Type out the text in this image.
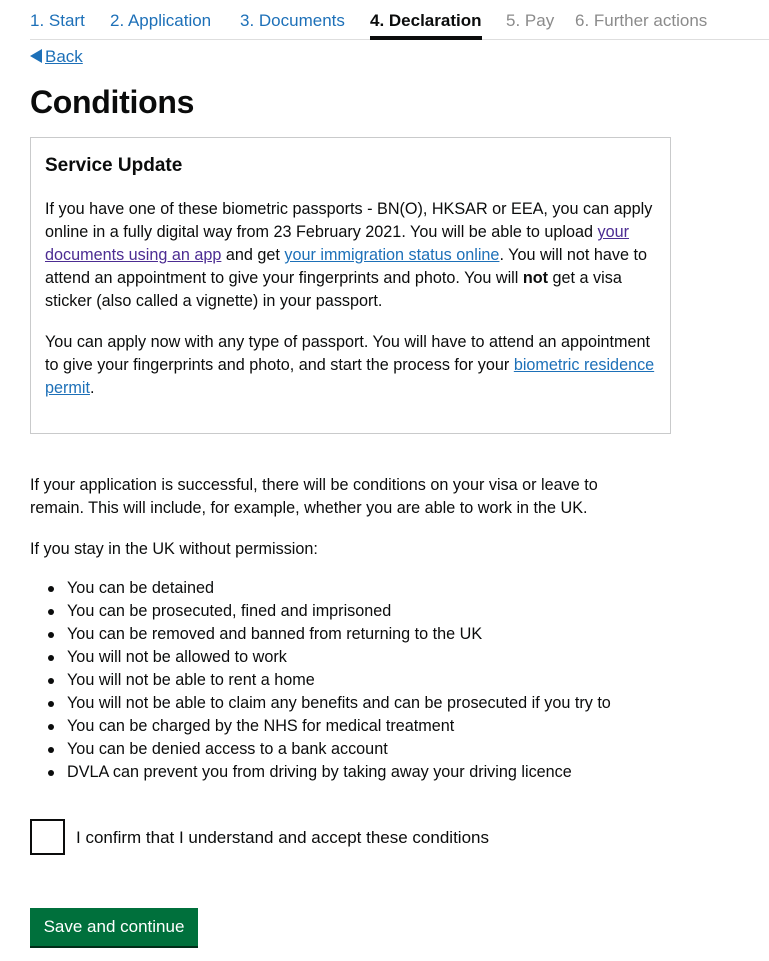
1. Start 2. Application 3. Documents 4. Declaration 5. Pay 6. Further actions
Back
Conditions
Service Update

If you have one of these biometric passports - BN(O), HKSAR or EEA, you can apply online in a fully digital way from 23 February 2021. You will be able to upload your documents using an app and get your immigration status online. You will not have to attend an appointment to give your fingerprints and photo. You will not get a visa sticker (also called a vignette) in your passport.

You can apply now with any type of passport. You will have to attend an appointment to give your fingerprints and photo, and start the process for your biometric residence permit.

If your application is successful, there will be conditions on your visa or leave to remain. This will include, for example, whether you are able to work in the UK.

If you stay in the UK without permission:

You can be detained
You can be prosecuted, fined and imprisoned
You can be removed and banned from returning to the UK
You will not be allowed to work
You will not be able to rent a home
You will not be able to claim any benefits and can be prosecuted if you try to
You can be charged by the NHS for medical treatment
You can be denied access to a bank account
DVLA can prevent you from driving by taking away your driving licence
I confirm that I understand and accept these conditions
Save and continue
